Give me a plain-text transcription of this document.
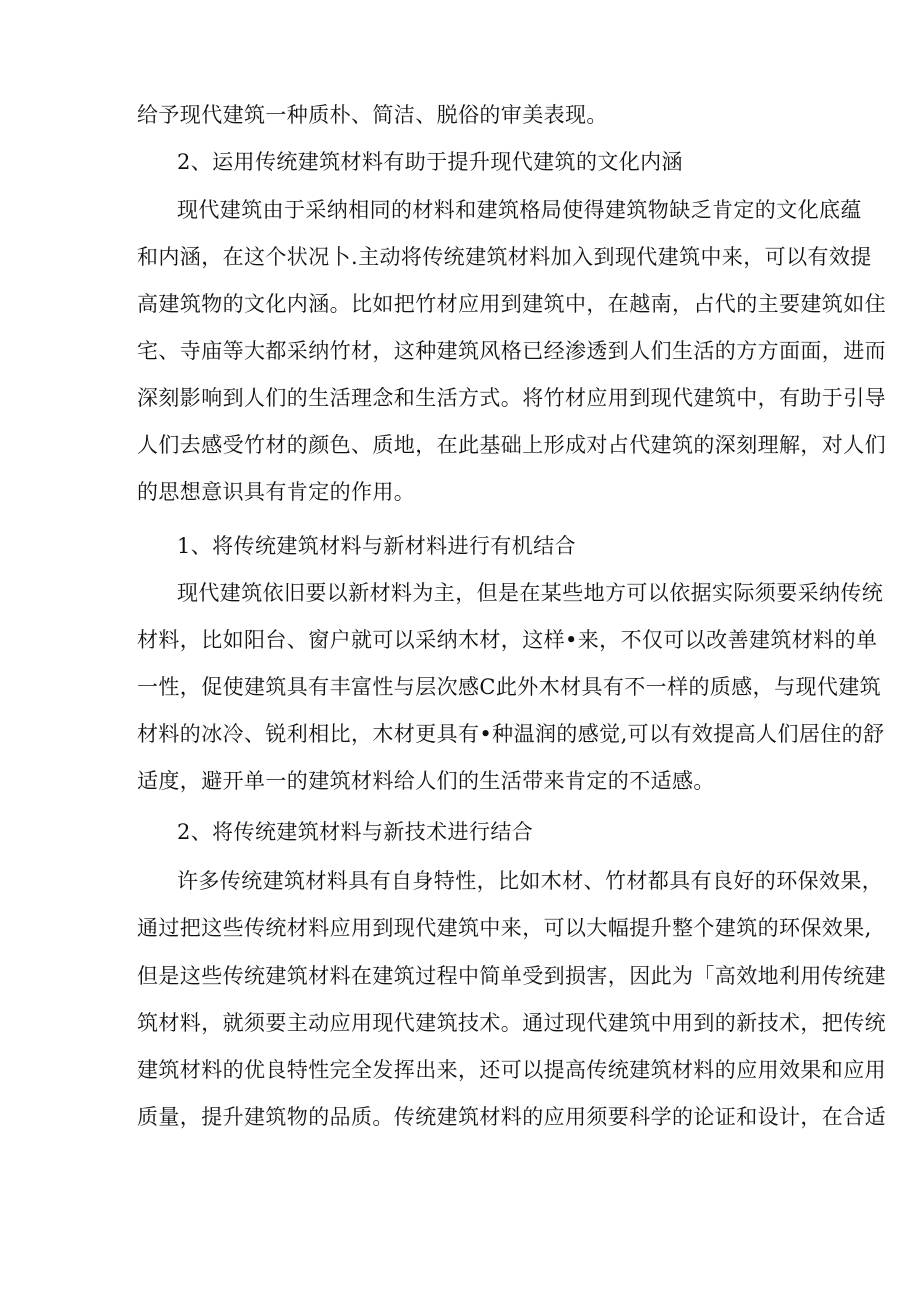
给予现代建筑一种质朴、简洁、脱俗的审美表现。
2、运用传统建筑材料有助于提升现代建筑的文化内涵
现代建筑由于采纳相同的材料和建筑格局使得建筑物缺乏肯定的文化底蕴
和内涵，在这个状况卜.主动将传统建筑材料加入到现代建筑中来，可以有效提
高建筑物的文化内涵。比如把竹材应用到建筑中，在越南，占代的主要建筑如住
宅、寺庙等大都采纳竹材，这种建筑风格已经渗透到人们生活的方方面面，进而
深刻影响到人们的生活理念和生活方式。将竹材应用到现代建筑中，有助于引导
人们去感受竹材的颜色、质地，在此基础上形成对占代建筑的深刻理解，对人们
的思想意识具有肯定的作用。
1、将传统建筑材料与新材料进行有机结合
现代建筑依旧要以新材料为主，但是在某些地方可以依据实际须要采纳传统
材料，比如阳台、窗户就可以采纳木材，这样•来，不仅可以改善建筑材料的单
一性，促使建筑具有丰富性与层次感C此外木材具有不一样的质感，与现代建筑
材料的冰冷、锐利相比，木材更具有•种温润的感觉,可以有效提高人们居住的舒
适度，避开单一的建筑材料给人们的生活带来肯定的不适感。
2、将传统建筑材料与新技术进行结合
许多传统建筑材料具有自身特性，比如木材、竹材都具有良好的环保效果，
通过把这些传统材料应用到现代建筑中来，可以大幅提升整个建筑的环保效果,
但是这些传统建筑材料在建筑过程中简单受到损害，因此为「高效地利用传统建
筑材料，就须要主动应用现代建筑技术。通过现代建筑中用到的新技术，把传统
建筑材料的优良特性完全发挥出来，还可以提高传统建筑材料的应用效果和应用
质量，提升建筑物的品质。传统建筑材料的应用须要科学的论证和设计，在合适
